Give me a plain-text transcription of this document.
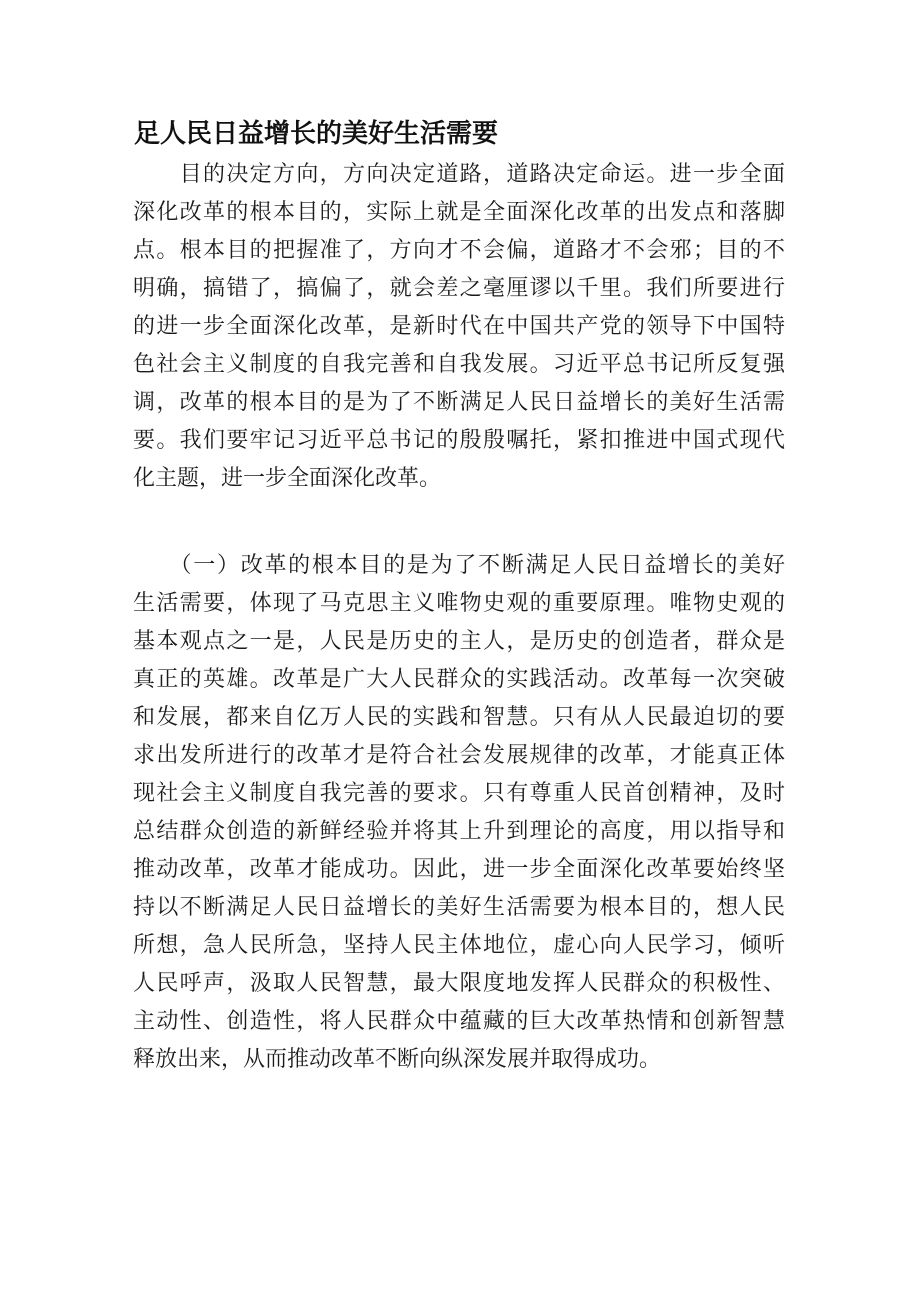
足人民日益增长的美好生活需要

　　目的决定方向，方向决定道路，道路决定命运。进一步全面
深化改革的根本目的，实际上就是全面深化改革的出发点和落脚
点。根本目的把握准了，方向才不会偏，道路才不会邪；目的不
明确，搞错了，搞偏了，就会差之毫厘谬以千里。我们所要进行
的进一步全面深化改革，是新时代在中国共产党的领导下中国特
色社会主义制度的自我完善和自我发展。习近平总书记所反复强
调，改革的根本目的是为了不断满足人民日益增长的美好生活需
要。我们要牢记习近平总书记的殷殷嘱托，紧扣推进中国式现代
化主题，进一步全面深化改革。

　　（一）改革的根本目的是为了不断满足人民日益增长的美好
生活需要，体现了马克思主义唯物史观的重要原理。唯物史观的
基本观点之一是，人民是历史的主人，是历史的创造者，群众是
真正的英雄。改革是广大人民群众的实践活动。改革每一次突破
和发展，都来自亿万人民的实践和智慧。只有从人民最迫切的要
求出发所进行的改革才是符合社会发展规律的改革，才能真正体
现社会主义制度自我完善的要求。只有尊重人民首创精神，及时
总结群众创造的新鲜经验并将其上升到理论的高度，用以指导和
推动改革，改革才能成功。因此，进一步全面深化改革要始终坚
持以不断满足人民日益增长的美好生活需要为根本目的，想人民
所想，急人民所急，坚持人民主体地位，虚心向人民学习，倾听
人民呼声，汲取人民智慧，最大限度地发挥人民群众的积极性、
主动性、创造性，将人民群众中蕴藏的巨大改革热情和创新智慧
释放出来，从而推动改革不断向纵深发展并取得成功。
